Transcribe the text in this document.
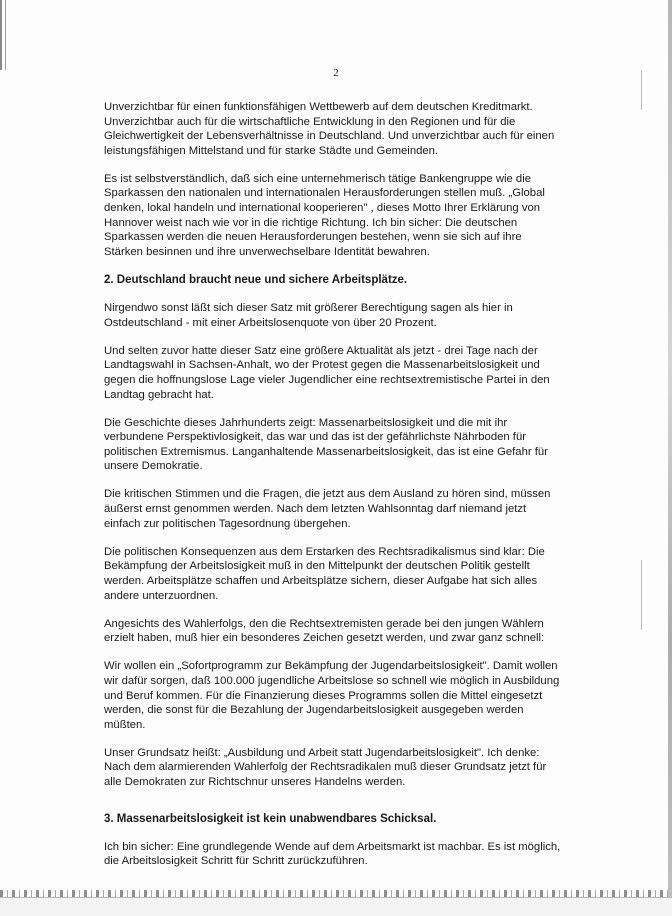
2

Unverzichtbar für einen funktionsfähigen Wettbewerb auf dem deutschen Kreditmarkt. Unverzichtbar auch für die wirtschaftliche Entwicklung in den Regionen und für die Gleichwertigkeit der Lebensverhältnisse in Deutschland. Und unverzichtbar auch für einen leistungsfähigen Mittelstand und für starke Städte und Gemeinden.

Es ist selbstverständlich, daß sich eine unternehmerisch tätige Bankengruppe wie die Sparkassen den nationalen und internationalen Herausforderungen stellen muß. „Global denken, lokal handeln und international kooperieren" , dieses Motto Ihrer Erklärung von Hannover weist nach wie vor in die richtige Richtung. Ich bin sicher: Die deutschen Sparkassen werden die neuen Herausforderungen bestehen, wenn sie sich auf ihre Stärken besinnen und ihre unverwechselbare Identität bewahren.

2. Deutschland braucht neue und sichere Arbeitsplätze.

Nirgendwo sonst läßt sich dieser Satz mit größerer Berechtigung sagen als hier in Ostdeutschland - mit einer Arbeitslosenquote von über 20 Prozent.

Und selten zuvor hatte dieser Satz eine größere Aktualität als jetzt - drei Tage nach der Landtagswahl in Sachsen-Anhalt, wo der Protest gegen die Massenarbeitslosigkeit und gegen die hoffnungslose Lage vieler Jugendlicher eine rechtsextremistische Partei in den Landtag gebracht hat.

Die Geschichte dieses Jahrhunderts zeigt: Massenarbeitslosigkeit und die mit ihr verbundene Perspektivlosigkeit, das war und das ist der gefährlichste Nährboden für politischen Extremismus. Langanhaltende Massenarbeitslosigkeit, das ist eine Gefahr für unsere Demokratie.

Die kritischen Stimmen und die Fragen, die jetzt aus dem Ausland zu hören sind, müssen äußerst ernst genommen werden. Nach dem letzten Wahlsonntag darf niemand jetzt einfach zur politischen Tagesordnung übergehen.

Die politischen Konsequenzen aus dem Erstarken des Rechtsradikalismus sind klar: Die Bekämpfung der Arbeitslosigkeit muß in den Mittelpunkt der deutschen Politik gestellt werden. Arbeitsplätze schaffen und Arbeitsplätze sichern, dieser Aufgabe hat sich alles andere unterzuordnen.

Angesichts des Wahlerfolgs, den die Rechtsextremisten gerade bei den jungen Wählern erzielt haben, muß hier ein besonderes Zeichen gesetzt werden, und zwar ganz schnell:

Wir wollen ein „Sofortprogramm zur Bekämpfung der Jugendarbeitslosigkeit". Damit wollen wir dafür sorgen, daß 100.000 jugendliche Arbeitslose so schnell wie möglich in Ausbildung und Beruf kommen. Für die Finanzierung dieses Programms sollen die Mittel eingesetzt werden, die sonst für die Bezahlung der Jugendarbeitslosigkeit ausgegeben werden müßten.

Unser Grundsatz heißt: „Ausbildung und Arbeit statt Jugendarbeitslosigkeit". Ich denke: Nach dem alarmierenden Wahlerfolg der Rechtsradikalen muß dieser Grundsatz jetzt für alle Demokraten zur Richtschnur unseres Handelns werden.

3. Massenarbeitslosigkeit ist kein unabwendbares Schicksal.

Ich bin sicher: Eine grundlegende Wende auf dem Arbeitsmarkt ist machbar. Es ist möglich, die Arbeitslosigkeit Schritt für Schritt zurückzuführen.
